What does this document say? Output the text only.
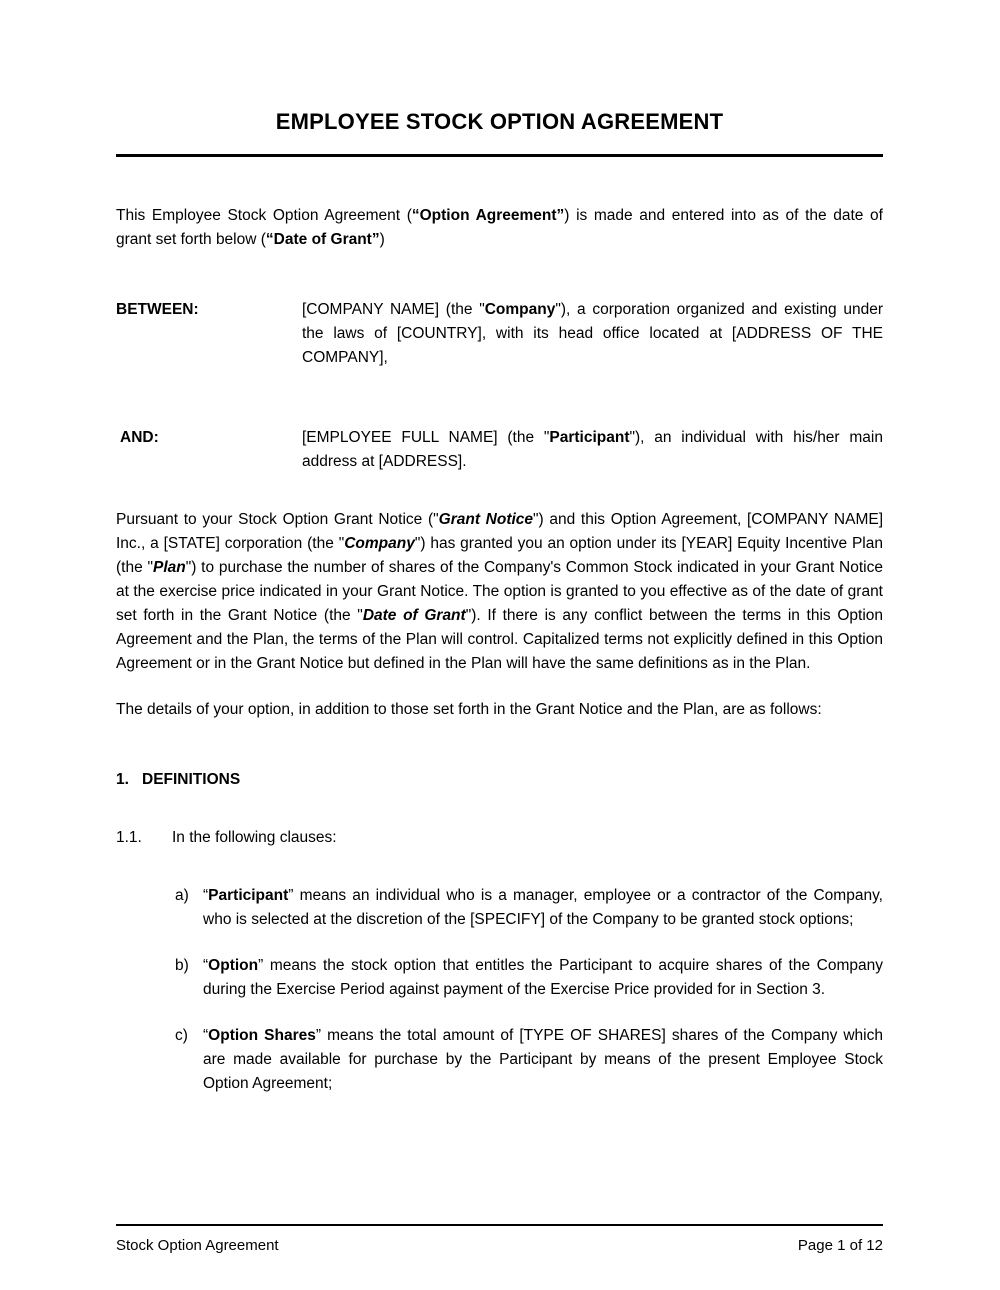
EMPLOYEE STOCK OPTION AGREEMENT
This Employee Stock Option Agreement (“Option Agreement”) is made and entered into as of the date of grant set forth below (“Date of Grant”)
BETWEEN:	[COMPANY NAME] (the "Company"), a corporation organized and existing under the laws of [COUNTRY], with its head office located at [ADDRESS OF THE COMPANY],
AND:	[EMPLOYEE FULL NAME] (the "Participant"), an individual with his/her main address at [ADDRESS].
Pursuant to your Stock Option Grant Notice ("Grant Notice") and this Option Agreement, [COMPANY NAME] Inc., a [STATE] corporation (the "Company") has granted you an option under its [YEAR] Equity Incentive Plan (the "Plan") to purchase the number of shares of the Company's Common Stock indicated in your Grant Notice at the exercise price indicated in your Grant Notice. The option is granted to you effective as of the date of grant set forth in the Grant Notice (the "Date of Grant"). If there is any conflict between the terms in this Option Agreement and the Plan, the terms of the Plan will control. Capitalized terms not explicitly defined in this Option Agreement or in the Grant Notice but defined in the Plan will have the same definitions as in the Plan.
The details of your option, in addition to those set forth in the Grant Notice and the Plan, are as follows:
1. DEFINITIONS
1.1. In the following clauses:
a) “Participant” means an individual who is a manager, employee or a contractor of the Company, who is selected at the discretion of the [SPECIFY] of the Company to be granted stock options;
b) “Option” means the stock option that entitles the Participant to acquire shares of the Company during the Exercise Period against payment of the Exercise Price provided for in Section 3.
c) “Option Shares” means the total amount of [TYPE OF SHARES] shares of the Company which are made available for purchase by the Participant by means of the present Employee Stock Option Agreement;
Stock Option Agreement	Page 1 of 12
